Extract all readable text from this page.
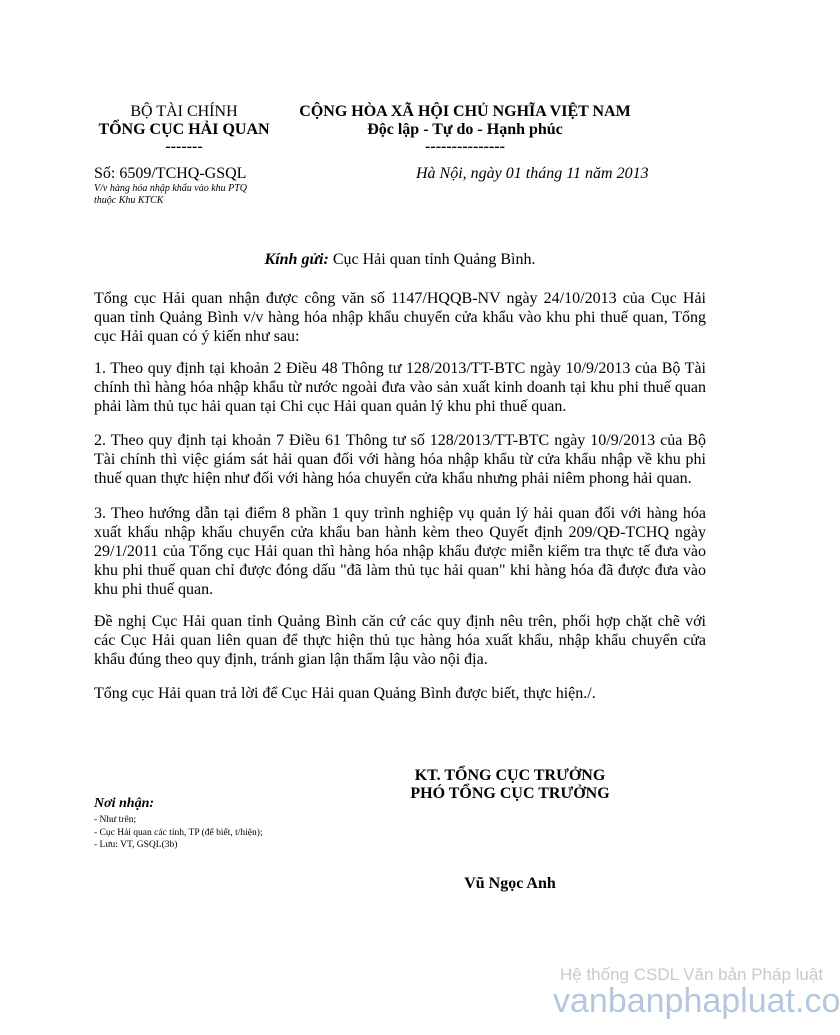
BỘ TÀI CHÍNH
TỔNG CỤC HẢI QUAN
-------
Số: 6509/TCHQ-GSQL
V/v hàng hóa nhập khẩu vào khu PTQ
thuộc Khu KTCK
CỘNG HÒA XÃ HỘI CHỦ NGHĨA VIỆT NAM
Độc lập - Tự do - Hạnh phúc
---------------
Hà Nội, ngày 01 tháng 11 năm 2013
Kính gửi: Cục Hải quan tỉnh Quảng Bình.
Tổng cục Hải quan nhận được công văn số 1147/HQQB-NV ngày 24/10/2013 của Cục Hải quan tỉnh Quảng Bình v/v hàng hóa nhập khẩu chuyển cửa khẩu vào khu phi thuế quan, Tổng cục Hải quan có ý kiến như sau:
1. Theo quy định tại khoản 2 Điều 48 Thông tư 128/2013/TT-BTC ngày 10/9/2013 của Bộ Tài chính thì hàng hóa nhập khẩu từ nước ngoài đưa vào sản xuất kinh doanh tại khu phi thuế quan phải làm thủ tục hải quan tại Chi cục Hải quan quản lý khu phi thuế quan.
2. Theo quy định tại khoản 7 Điều 61 Thông tư số 128/2013/TT-BTC ngày 10/9/2013 của Bộ Tài chính thì việc giám sát hải quan đối với hàng hóa nhập khẩu từ cửa khẩu nhập về khu phi thuế quan thực hiện như đối với hàng hóa chuyển cửa khẩu nhưng phải niêm phong hải quan.
3. Theo hướng dẫn tại điểm 8 phần 1 quy trình nghiệp vụ quản lý hải quan đối với hàng hóa xuất khẩu nhập khẩu chuyển cửa khẩu ban hành kèm theo Quyết định 209/QĐ-TCHQ ngày 29/1/2011 của Tổng cục Hải quan thì hàng hóa nhập khẩu được miễn kiểm tra thực tế đưa vào khu phi thuế quan chỉ được đóng dấu "đã làm thủ tục hải quan" khi hàng hóa đã được đưa vào khu phi thuế quan.
Đề nghị Cục Hải quan tỉnh Quảng Bình căn cứ các quy định nêu trên, phối hợp chặt chẽ với các Cục Hải quan liên quan để thực hiện thủ tục hàng hóa xuất khẩu, nhập khẩu chuyển cửa khẩu đúng theo quy định, tránh gian lận thẩm lậu vào nội địa.
Tổng cục Hải quan trả lời để Cục Hải quan Quảng Bình được biết, thực hiện./.
KT. TỔNG CỤC TRƯỞNG
PHÓ TỔNG CỤC TRƯỞNG
Vũ Ngọc Anh
Nơi nhận:
- Như trên;
- Cục Hải quan các tỉnh, TP (để biết, t/hiện);
- Lưu: VT, GSQL(3b)
Hệ thống CSDL Văn bản Pháp luật
vanbanphapluat.co
